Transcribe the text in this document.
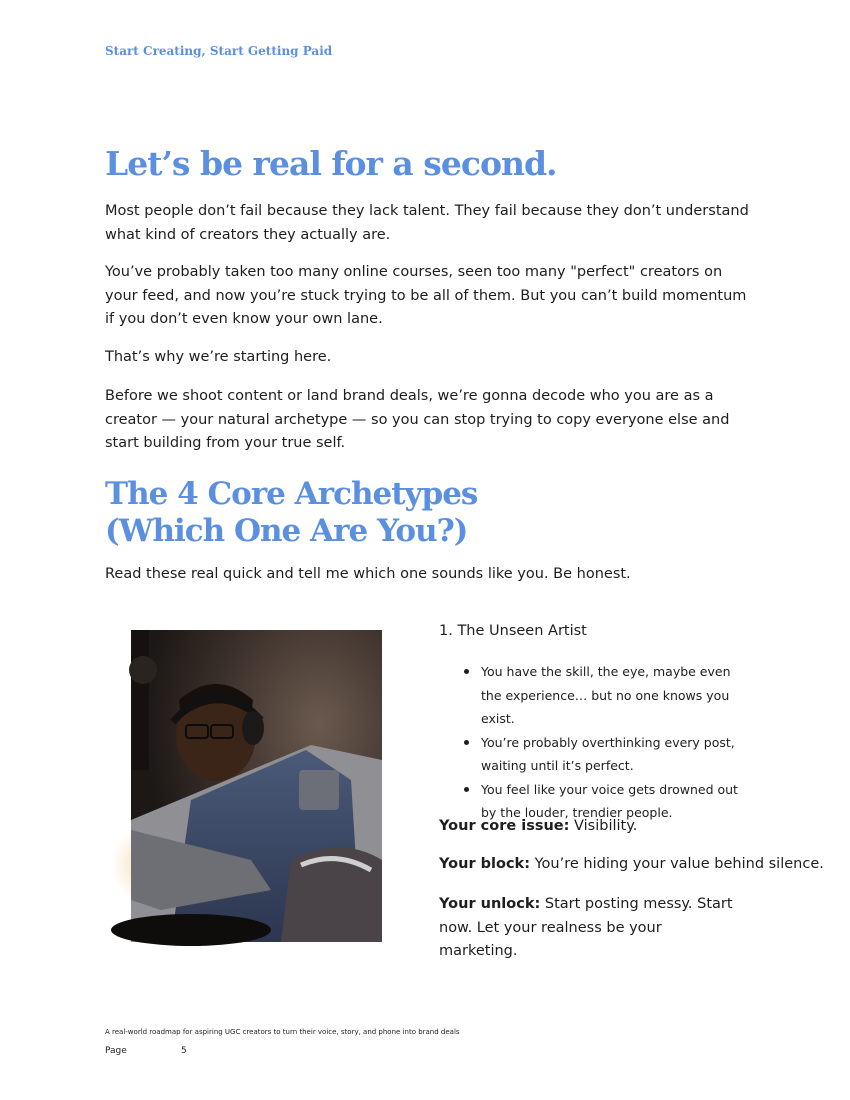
Start Creating, Start Getting Paid
Let’s be real for a second.

Most people don’t fail because they lack talent. They fail because they don’t understand what kind of creators they actually are.

You’ve probably taken too many online courses, seen too many "perfect" creators on your feed, and now you’re stuck trying to be all of them. But you can’t build momentum if you don’t even know your own lane.

That’s why we’re starting here.

Before we shoot content or land brand deals, we’re gonna decode who you are as a creator — your natural archetype — so you can stop trying to copy everyone else and start building from your true self.

The 4 Core Archetypes
(Which One Are You?)
Read these real quick and tell me which one sounds like you. Be honest.
1. The Unseen Artist
You have the skill, the eye, maybe even the experience… but no one knows you exist.
You’re probably overthinking every post, waiting until it’s perfect.
You feel like your voice gets drowned out by the louder, trendier people.
Your core issue: Visibility.
Your block: You’re hiding your value behind silence.
Your unlock: Start posting messy. Start now. Let your realness be your marketing.
A real-world roadmap for aspiring UGC creators to turn their voice, story, and phone into brand deals
Page	5
